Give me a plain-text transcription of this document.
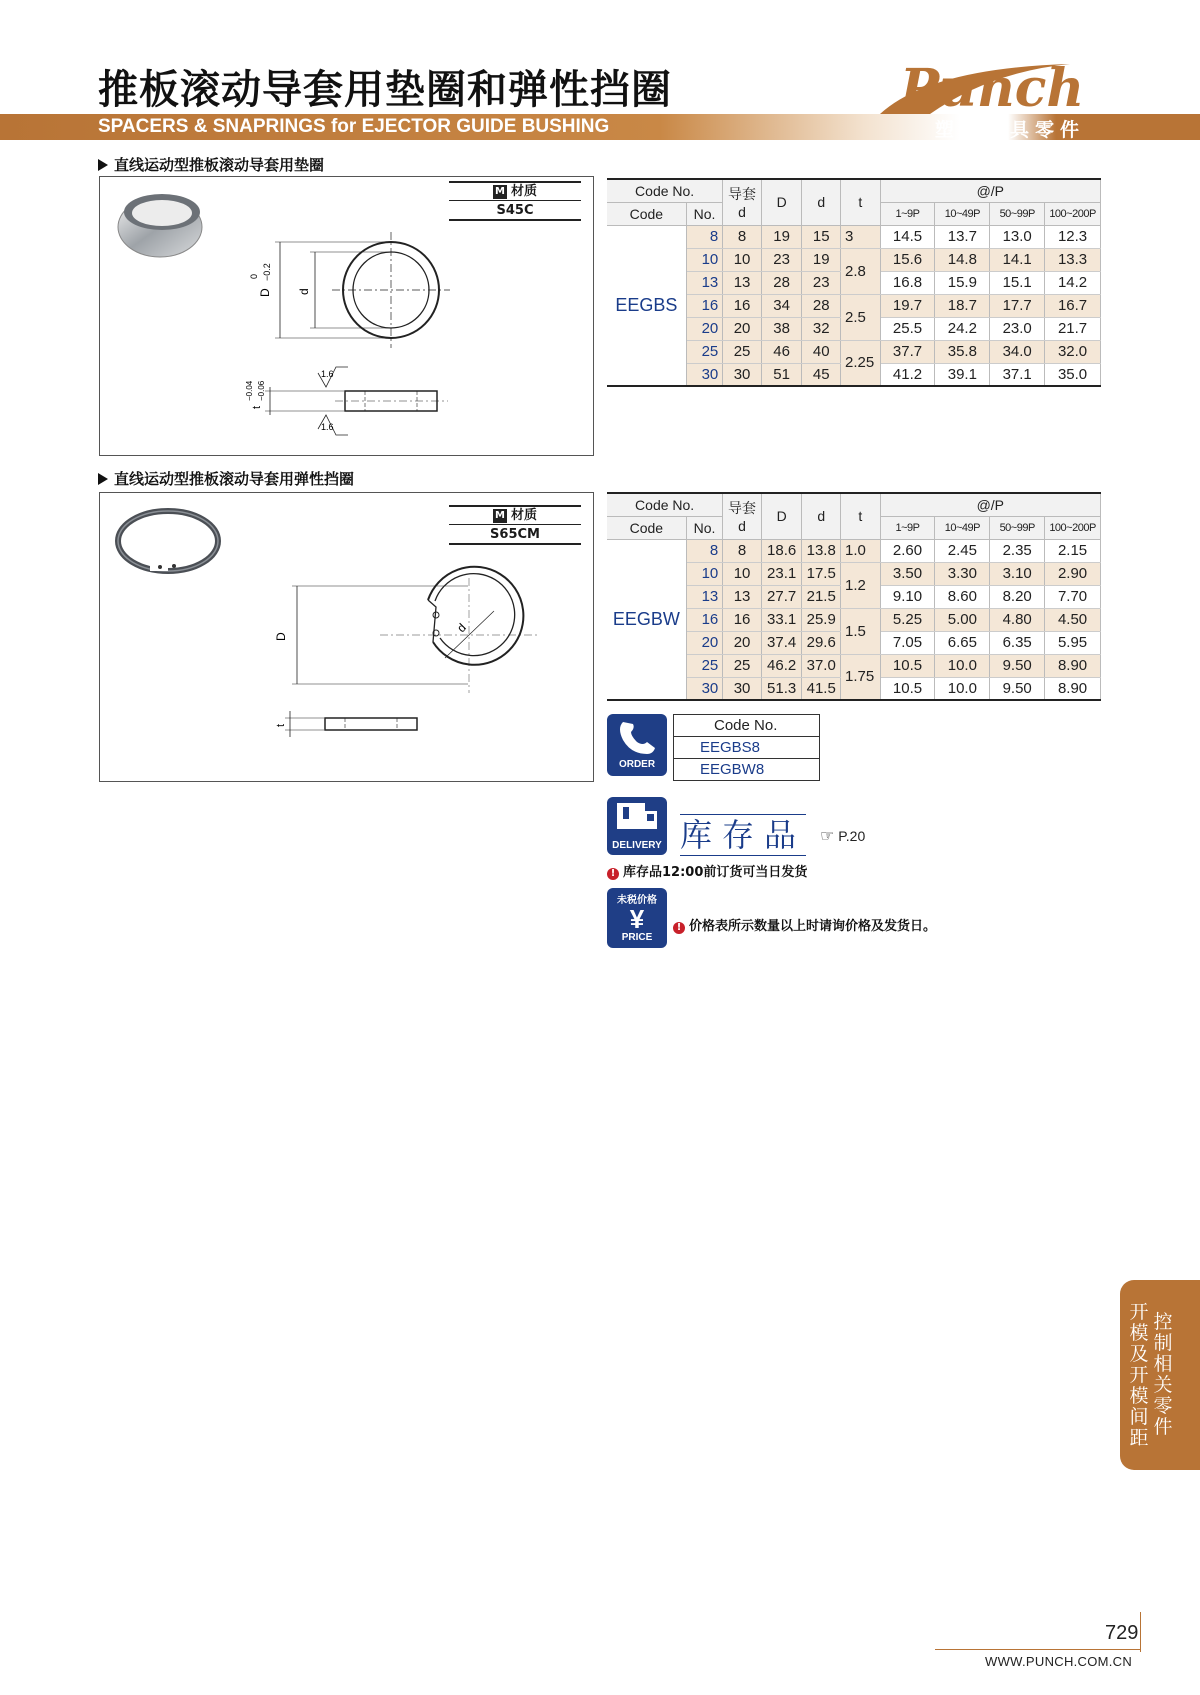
推板滚动导套用垫圈和弹性挡圈
SPACERS & SNAPRINGS for EJECTOR GUIDE BUSHING
Punch
塑料模具零件
直线运动型推板滚动导套用垫圈
M 材质
S45C
D
0 −0.2
d
t
−0.04 −0.06
1.6
1.6
Code No.		导套
d	D	d	t	@/P			
Code	No.					1~9P	10~49P	50~99P	100~200P
EEGBS	8	8	19	15	3	14.5	13.7	13.0	12.3
	10	10	23	19	2.8	15.6	14.8	14.1	13.3
	13	13	28	23		16.8	15.9	15.1	14.2
	16	16	34	28	2.5	19.7	18.7	17.7	16.7
	20	20	38	32		25.5	24.2	23.0	21.7
	25	25	46	40	2.25	37.7	35.8	34.0	32.0
	30	30	51	45		41.2	39.1	37.1	35.0
直线运动型推板滚动导套用弹性挡圈
M 材质
S65CM
D
d
t
Code No.		导套
d	D	d	t	@/P			
Code	No.					1~9P	10~49P	50~99P	100~200P
EEGBW	8	8	18.6	13.8	1.0	2.60	2.45	2.35	2.15
	10	10	23.1	17.5	1.2	3.50	3.30	3.10	2.90
	13	13	27.7	21.5		9.10	8.60	8.20	7.70
	16	16	33.1	25.9	1.5	5.25	5.00	4.80	4.50
	20	20	37.4	29.6		7.05	6.65	6.35	5.95
	25	25	46.2	37.0	1.75	10.5	10.0	9.50	8.90
	30	30	51.3	41.5		10.5	10.0	9.50	8.90
ORDER
Code No.
EEGBS8
EEGBW8
DELIVERY 库存品 ☞ P.20
! 库存品12:00前订货可当日发货
未税价格
¥
PRICE
! 价格表所示数量以上时请询价格及发货日。
开模及开模间距
控制相关零件
729
WWW.PUNCH.COM.CN
